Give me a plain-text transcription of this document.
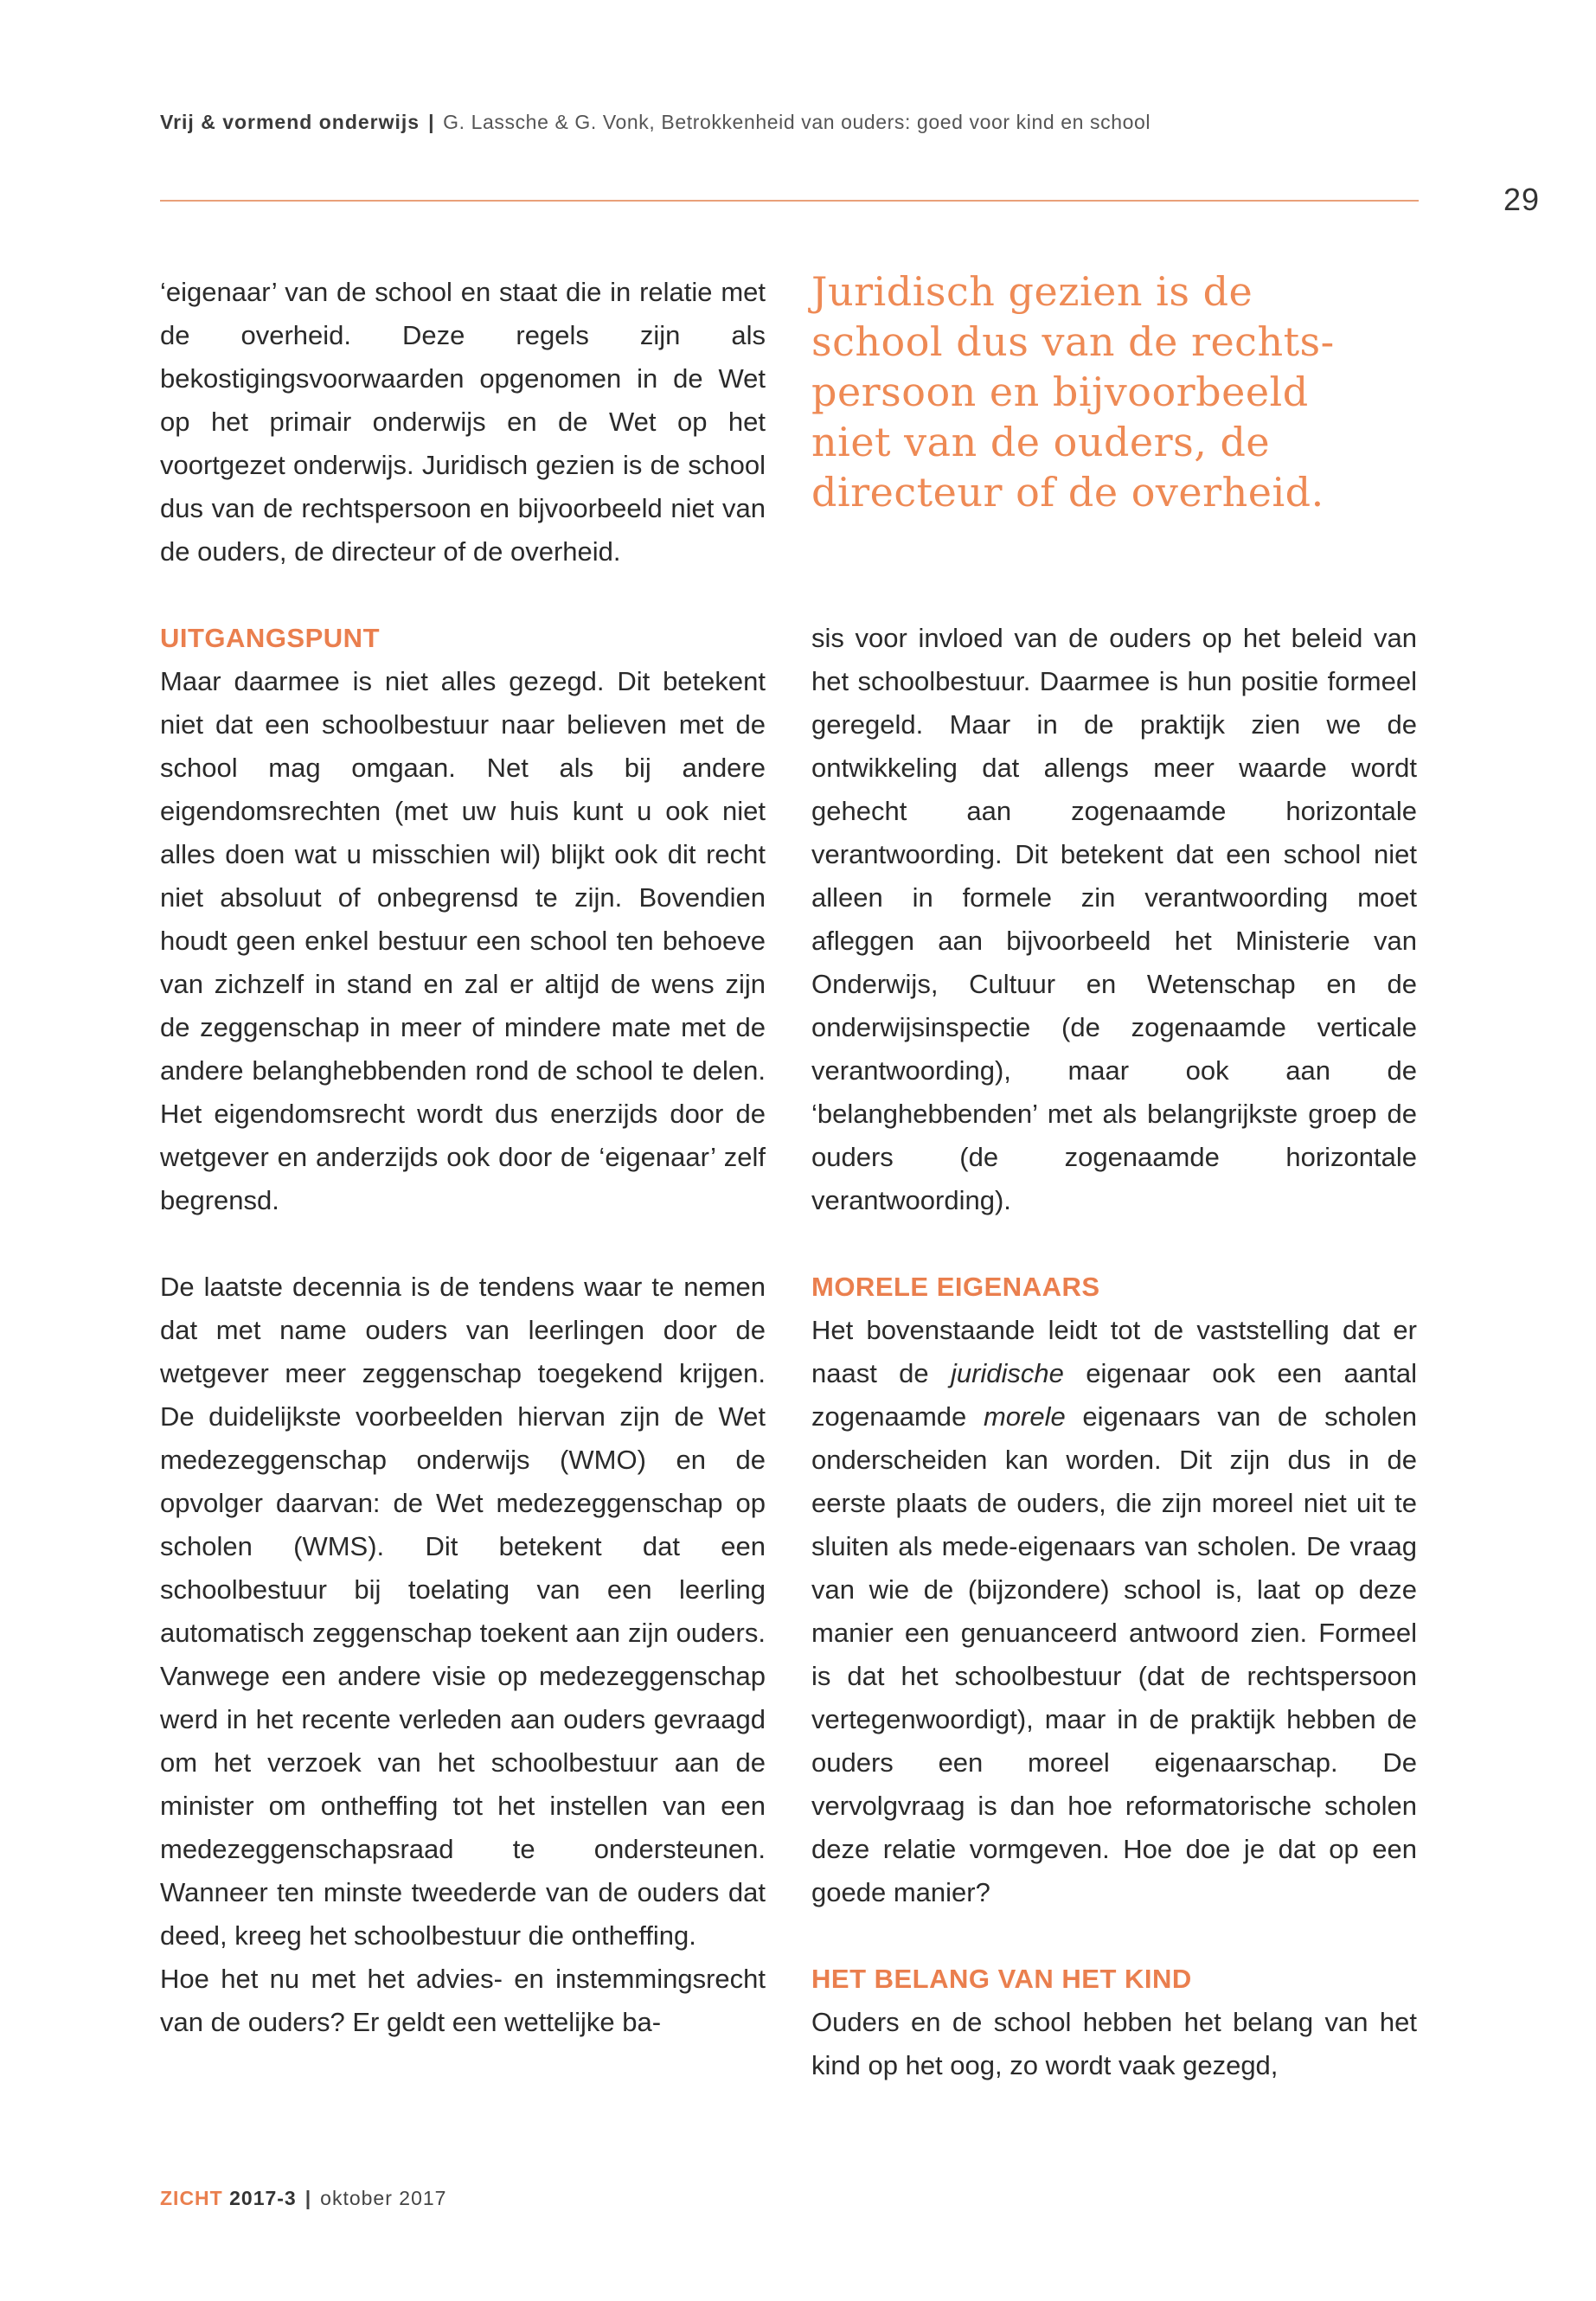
Vrij & vormend onderwijs | G. Lassche & G. Vonk, Betrokkenheid van ouders: goed voor kind en school
29

‘eigenaar’ van de school en staat die in relatie met de overheid. Deze regels zijn als bekostigingsvoorwaarden opgenomen in de Wet op het primair onderwijs en de Wet op het voortgezet onderwijs. Juridisch gezien is de school dus van de rechtspersoon en bijvoorbeeld niet van de ouders, de directeur of de overheid.

UITGANGSPUNT

Maar daarmee is niet alles gezegd. Dit betekent niet dat een schoolbestuur naar believen met de school mag omgaan. Net als bij andere eigendomsrechten (met uw huis kunt u ook niet alles doen wat u misschien wil) blijkt ook dit recht niet absoluut of onbegrensd te zijn. Bovendien houdt geen enkel bestuur een school ten behoeve van zichzelf in stand en zal er altijd de wens zijn de zeggenschap in meer of mindere mate met de andere belanghebbenden rond de school te delen. Het eigendomsrecht wordt dus enerzijds door de wetgever en anderzijds ook door de ‘eigenaar’ zelf begrensd.

De laatste decennia is de tendens waar te nemen dat met name ouders van leerlingen door de wetgever meer zeggenschap toegekend krijgen. De duidelijkste voorbeelden hiervan zijn de Wet medezeggenschap onderwijs (WMO) en de opvolger daarvan: de Wet medezeggenschap op scholen (WMS). Dit betekent dat een schoolbestuur bij toelating van een leerling automatisch zeggenschap toekent aan zijn ouders. Vanwege een andere visie op medezeggenschap werd in het recente verleden aan ouders gevraagd om het verzoek van het schoolbestuur aan de minister om ontheffing tot het instellen van een medezeggenschapsraad te ondersteunen. Wanneer ten minste tweederde van de ouders dat deed, kreeg het schoolbestuur die ontheffing.

Hoe het nu met het advies- en instemmingsrecht van de ouders? Er geldt een wettelijke ba-

Juridisch gezien is de
school dus van de rechts-
persoon en bijvoorbeeld
niet van de ouders, de
directeur of de overheid.

sis voor invloed van de ouders op het beleid van het schoolbestuur. Daarmee is hun positie formeel geregeld. Maar in de praktijk zien we de ontwikkeling dat allengs meer waarde wordt gehecht aan zogenaamde horizontale verantwoording. Dit betekent dat een school niet alleen in formele zin verantwoording moet afleggen aan bijvoorbeeld het Ministerie van Onderwijs, Cultuur en Wetenschap en de onderwijsinspectie (de zogenaamde verticale verantwoording), maar ook aan de ‘belanghebbenden’ met als belangrijkste groep de ouders (de zogenaamde horizontale verantwoording).

MORELE EIGENAARS

Het bovenstaande leidt tot de vaststelling dat er naast de juridische eigenaar ook een aantal zogenaamde morele eigenaars van de scholen onderscheiden kan worden. Dit zijn dus in de eerste plaats de ouders, die zijn moreel niet uit te sluiten als mede-eigenaars van scholen. De vraag van wie de (bijzondere) school is, laat op deze manier een genuanceerd antwoord zien. Formeel is dat het schoolbestuur (dat de rechtspersoon vertegenwoordigt), maar in de praktijk hebben de ouders een moreel eigenaarschap. De vervolgvraag is dan hoe reformatorische scholen deze relatie vormgeven. Hoe doe je dat op een goede manier?

HET BELANG VAN HET KIND

Ouders en de school hebben het belang van het kind op het oog, zo wordt vaak gezegd,

ZICHT 2017-3 | oktober 2017
